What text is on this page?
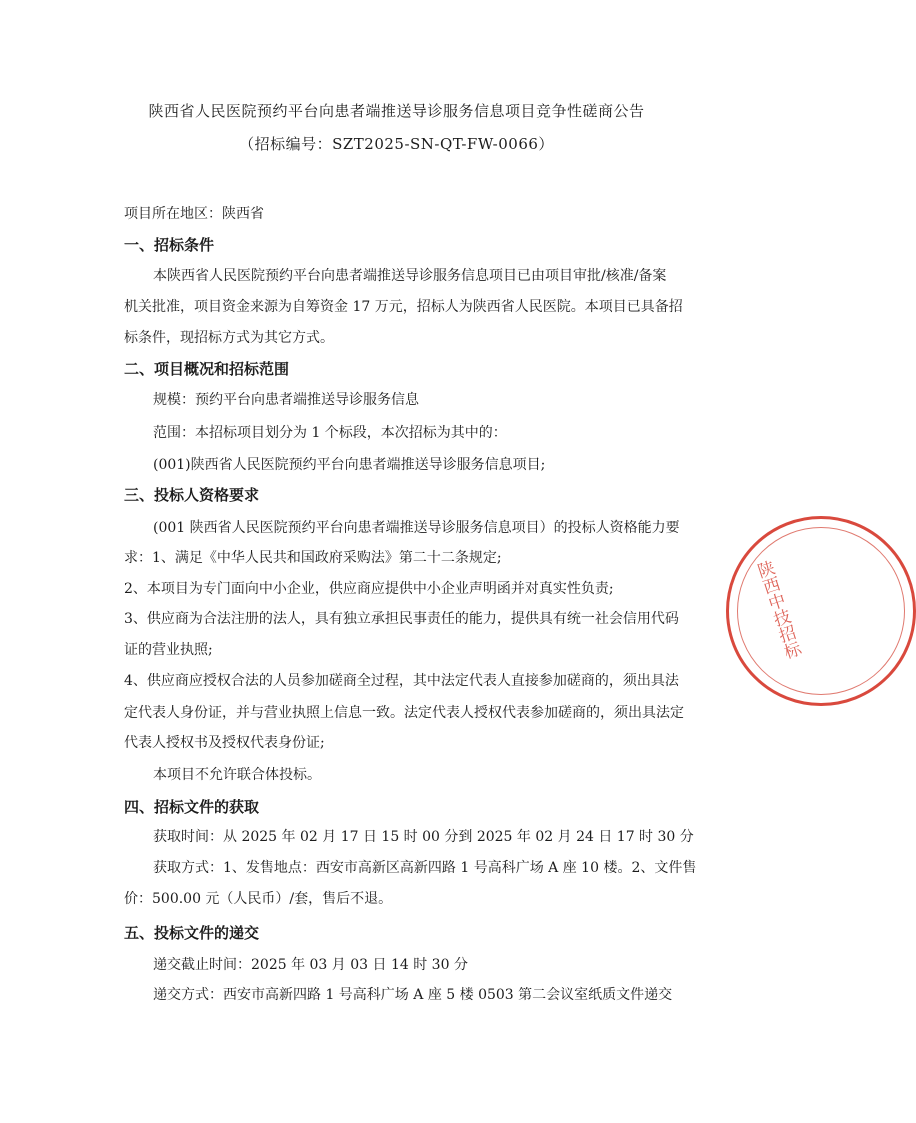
陕西省人民医院预约平台向患者端推送导诊服务信息项目竞争性磋商公告
（招标编号：SZT2025-SN-QT-FW-0066）
项目所在地区：陕西省
一、招标条件
本陕西省人民医院预约平台向患者端推送导诊服务信息项目已由项目审批/核准/备案
机关批准，项目资金来源为自筹资金 17 万元，招标人为陕西省人民医院。本项目已具备招
标条件，现招标方式为其它方式。
二、项目概况和招标范围
规模：预约平台向患者端推送导诊服务信息
范围：本招标项目划分为 1 个标段，本次招标为其中的：
(001)陕西省人民医院预约平台向患者端推送导诊服务信息项目;
三、投标人资格要求
(001 陕西省人民医院预约平台向患者端推送导诊服务信息项目）的投标人资格能力要
求：1、满足《中华人民共和国政府采购法》第二十二条规定;
2、本项目为专门面向中小企业，供应商应提供中小企业声明函并对真实性负责;
3、供应商为合法注册的法人，具有独立承担民事责任的能力，提供具有统一社会信用代码
证的营业执照;
4、供应商应授权合法的人员参加磋商全过程，其中法定代表人直接参加磋商的，须出具法
定代表人身份证，并与营业执照上信息一致。法定代表人授权代表参加磋商的，须出具法定
代表人授权书及授权代表身份证;
本项目不允许联合体投标。
四、招标文件的获取
获取时间：从 2025 年 02 月 17 日 15 时 00 分到 2025 年 02 月 24 日 17 时 30 分
获取方式：1、发售地点：西安市高新区高新四路 1 号高科广场 A 座 10 楼。2、文件售
价：500.00 元（人民币）/套，售后不退。
五、投标文件的递交
递交截止时间：2025 年 03 月 03 日 14 时 30 分
递交方式：西安市高新四路 1 号高科广场 A 座 5 楼 0503 第二会议室纸质文件递交
陕西中技招标
